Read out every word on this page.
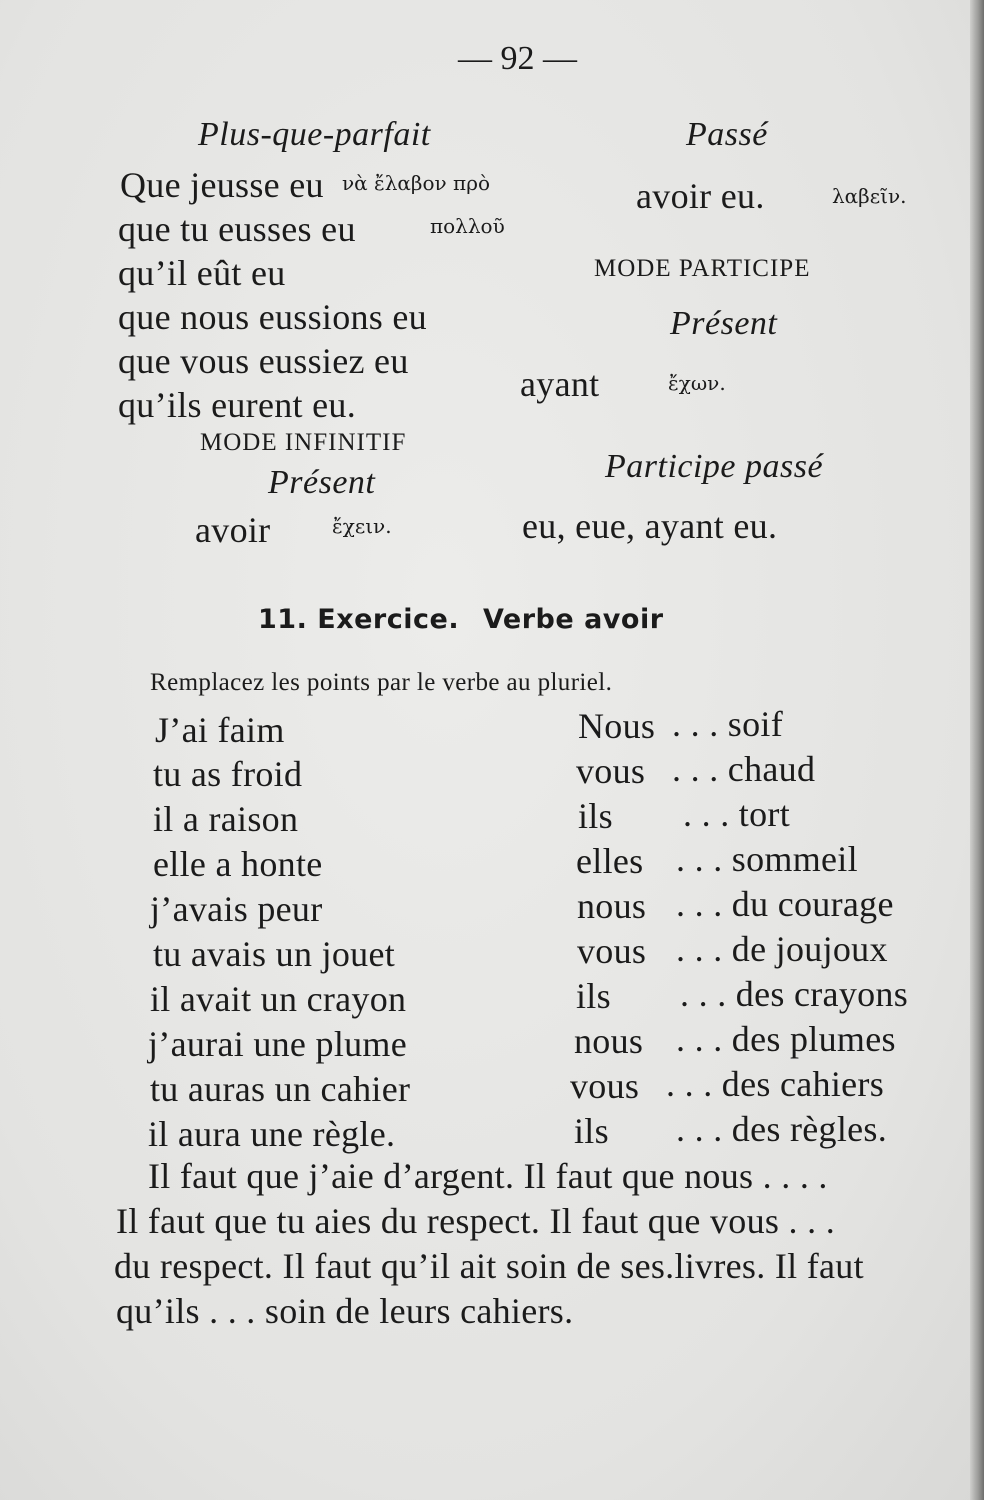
— 92 —
Plus-que-parfait
Que jeusse eu νὰ ἔλαβον πρὸ
que tu eusses eu	πολλοῦ
qu’il eût eu
que nous eussions eu
que vous eussiez eu
qu’ils eurent eu.
MODE INFINITIF
Présent
avoir	ἔχειν.
Passé
avoir eu.	λαβεῖν.
MODE PARTICIPE
Présent
ayant	ἔχων.
Participe passé
eu, eue, ayant eu.
11. Exercice. Verbe avoir
Remplacez les points par le verbe au pluriel.
J’ai faim	Nous . . . soif
tu as froid	vous . . . chaud
il a raison	ils . . . tort
elle a honte	elles . . . sommeil
j’avais peur	nous . . . du courage
tu avais un jouet	vous . . . de joujoux
il avait un crayon	ils . . . des crayons
j’aurai une plume	nous . . . des plumes
tu auras un cahier	vous . . . des cahiers
il aura une règle.	ils . . . des règles.
Il faut que j’aie d’argent. Il faut que nous . . . .
Il faut que tu aies du respect. Il faut que vous . . .
du respect. Il faut qu’il ait soin de ses.livres. Il faut
qu’ils . . . soin de leurs cahiers.
